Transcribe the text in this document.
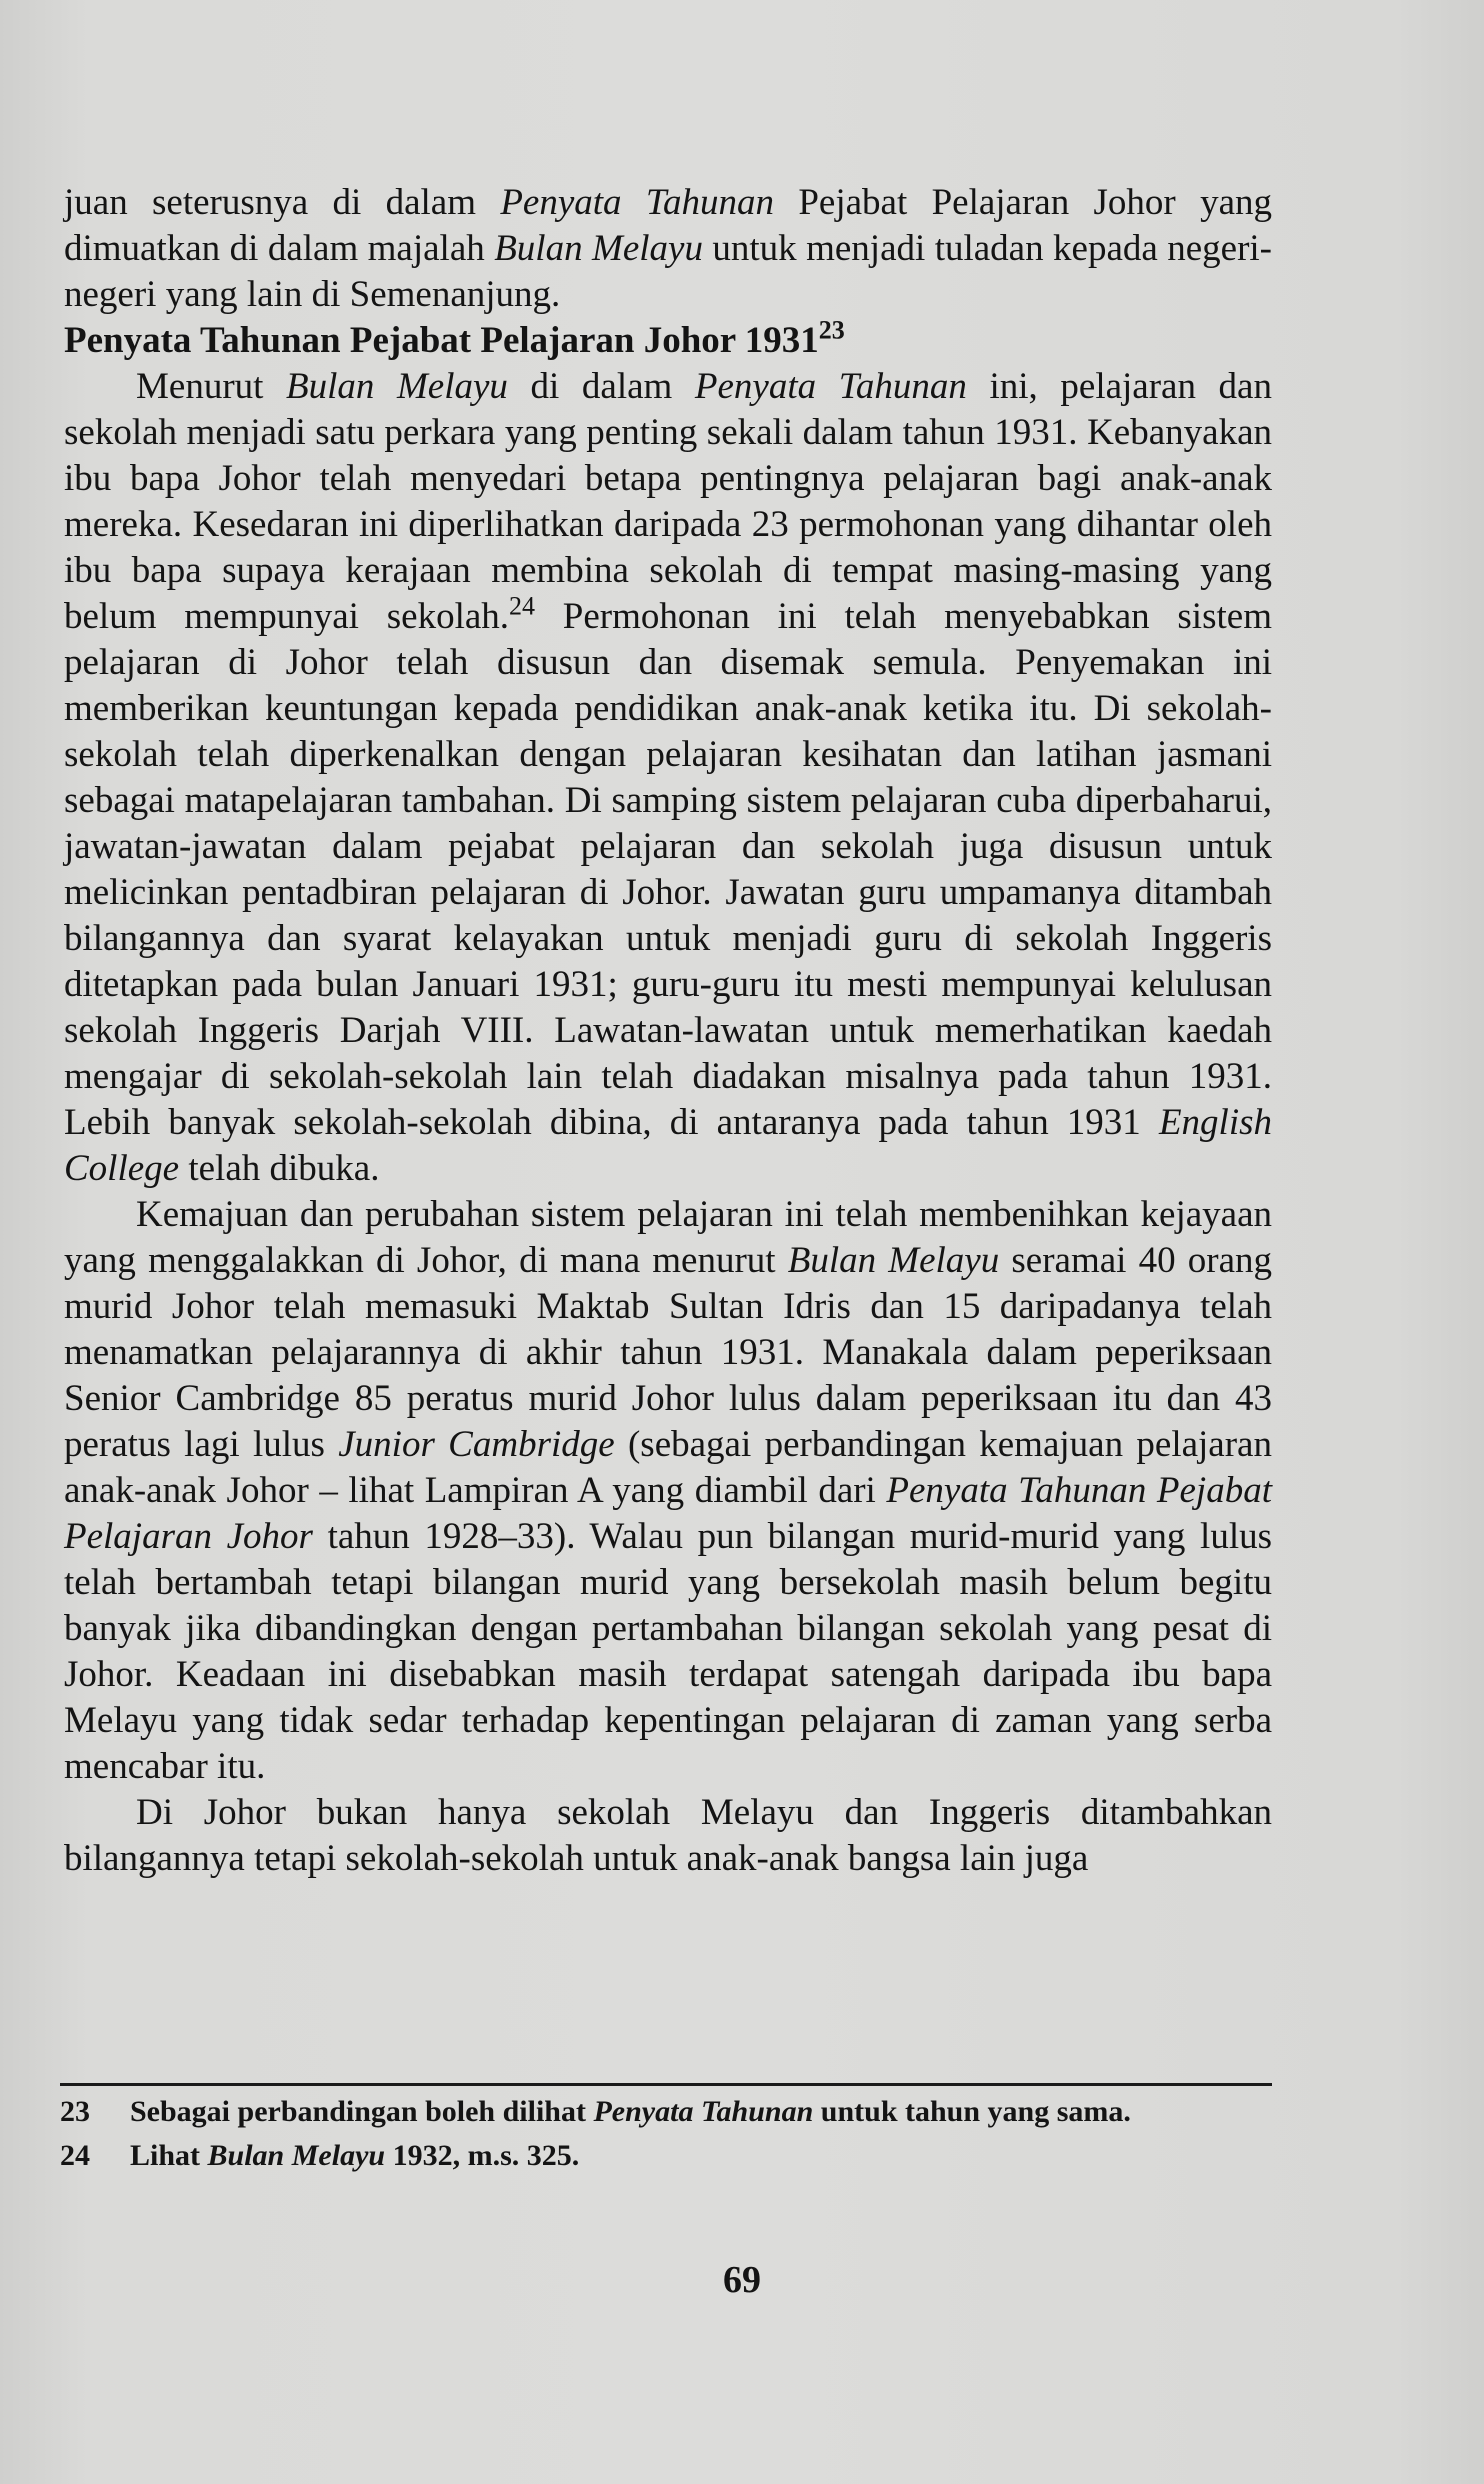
juan seterusnya di dalam Penyata Tahunan Pejabat Pelajaran Johor yang dimuatkan di dalam majalah Bulan Melayu untuk menjadi tuladan kepada negeri-negeri yang lain di Semenanjung.

Penyata Tahunan Pejabat Pelajaran Johor 1931$^{23}$

Menurut Bulan Melayu di dalam Penyata Tahunan ini, pelajaran dan sekolah menjadi satu perkara yang penting sekali dalam tahun 1931. Kebanyakan ibu bapa Johor telah menyedari betapa pentingnya pelajaran bagi anak-anak mereka. Kesedaran ini diperlihatkan daripada 23 permohonan yang dihantar oleh ibu bapa supaya kerajaan membina sekolah di tempat masing-masing yang belum mempunyai sekolah.$^{24}$ Permohonan ini telah menyebabkan sistem pelajaran di Johor telah disusun dan disemak semula. Penyemakan ini memberikan keuntungan kepada pendidikan anak-anak ketika itu. Di sekolah-sekolah telah diperkenalkan dengan pelajaran kesihatan dan latihan jasmani sebagai matapelajaran tambahan. Di samping sistem pelajaran cuba diperbaharui, jawatan-jawatan dalam pejabat pelajaran dan sekolah juga disusun untuk melicinkan pentadbiran pelajaran di Johor. Jawatan guru umpamanya ditambah bilangannya dan syarat kelayakan untuk menjadi guru di sekolah Inggeris ditetapkan pada bulan Januari 1931; guru-guru itu mesti mempunyai kelulusan sekolah Inggeris Darjah VIII. Lawatan-lawatan untuk memerhatikan kaedah mengajar di sekolah-sekolah lain telah diadakan misalnya pada tahun 1931. Lebih banyak sekolah-sekolah dibina, di antaranya pada tahun 1931 English College telah dibuka.

Kemajuan dan perubahan sistem pelajaran ini telah membenihkan kejayaan yang menggalakkan di Johor, di mana menurut Bulan Melayu seramai 40 orang murid Johor telah memasuki Maktab Sultan Idris dan 15 daripadanya telah menamatkan pelajarannya di akhir tahun 1931. Manakala dalam peperiksaan Senior Cambridge 85 peratus murid Johor lulus dalam peperiksaan itu dan 43 peratus lagi lulus Junior Cambridge (sebagai perbandingan kemajuan pelajaran anak-anak Johor – lihat Lampiran A yang diambil dari Penyata Tahunan Pejabat Pelajaran Johor tahun 1928–33). Walau pun bilangan murid-murid yang lulus telah bertambah tetapi bilangan murid yang bersekolah masih belum begitu banyak jika dibandingkan dengan pertambahan bilangan sekolah yang pesat di Johor. Keadaan ini disebabkan masih terdapat satengah daripada ibu bapa Melayu yang tidak sedar terhadap kepentingan pelajaran di zaman yang serba mencabar itu.

Di Johor bukan hanya sekolah Melayu dan Inggeris ditambahkan bilangannya tetapi sekolah-sekolah untuk anak-anak bangsa lain juga

23	Sebagai perbandingan boleh dilihat Penyata Tahunan untuk tahun yang sama.
24	Lihat Bulan Melayu 1932, m.s. 325.
69
